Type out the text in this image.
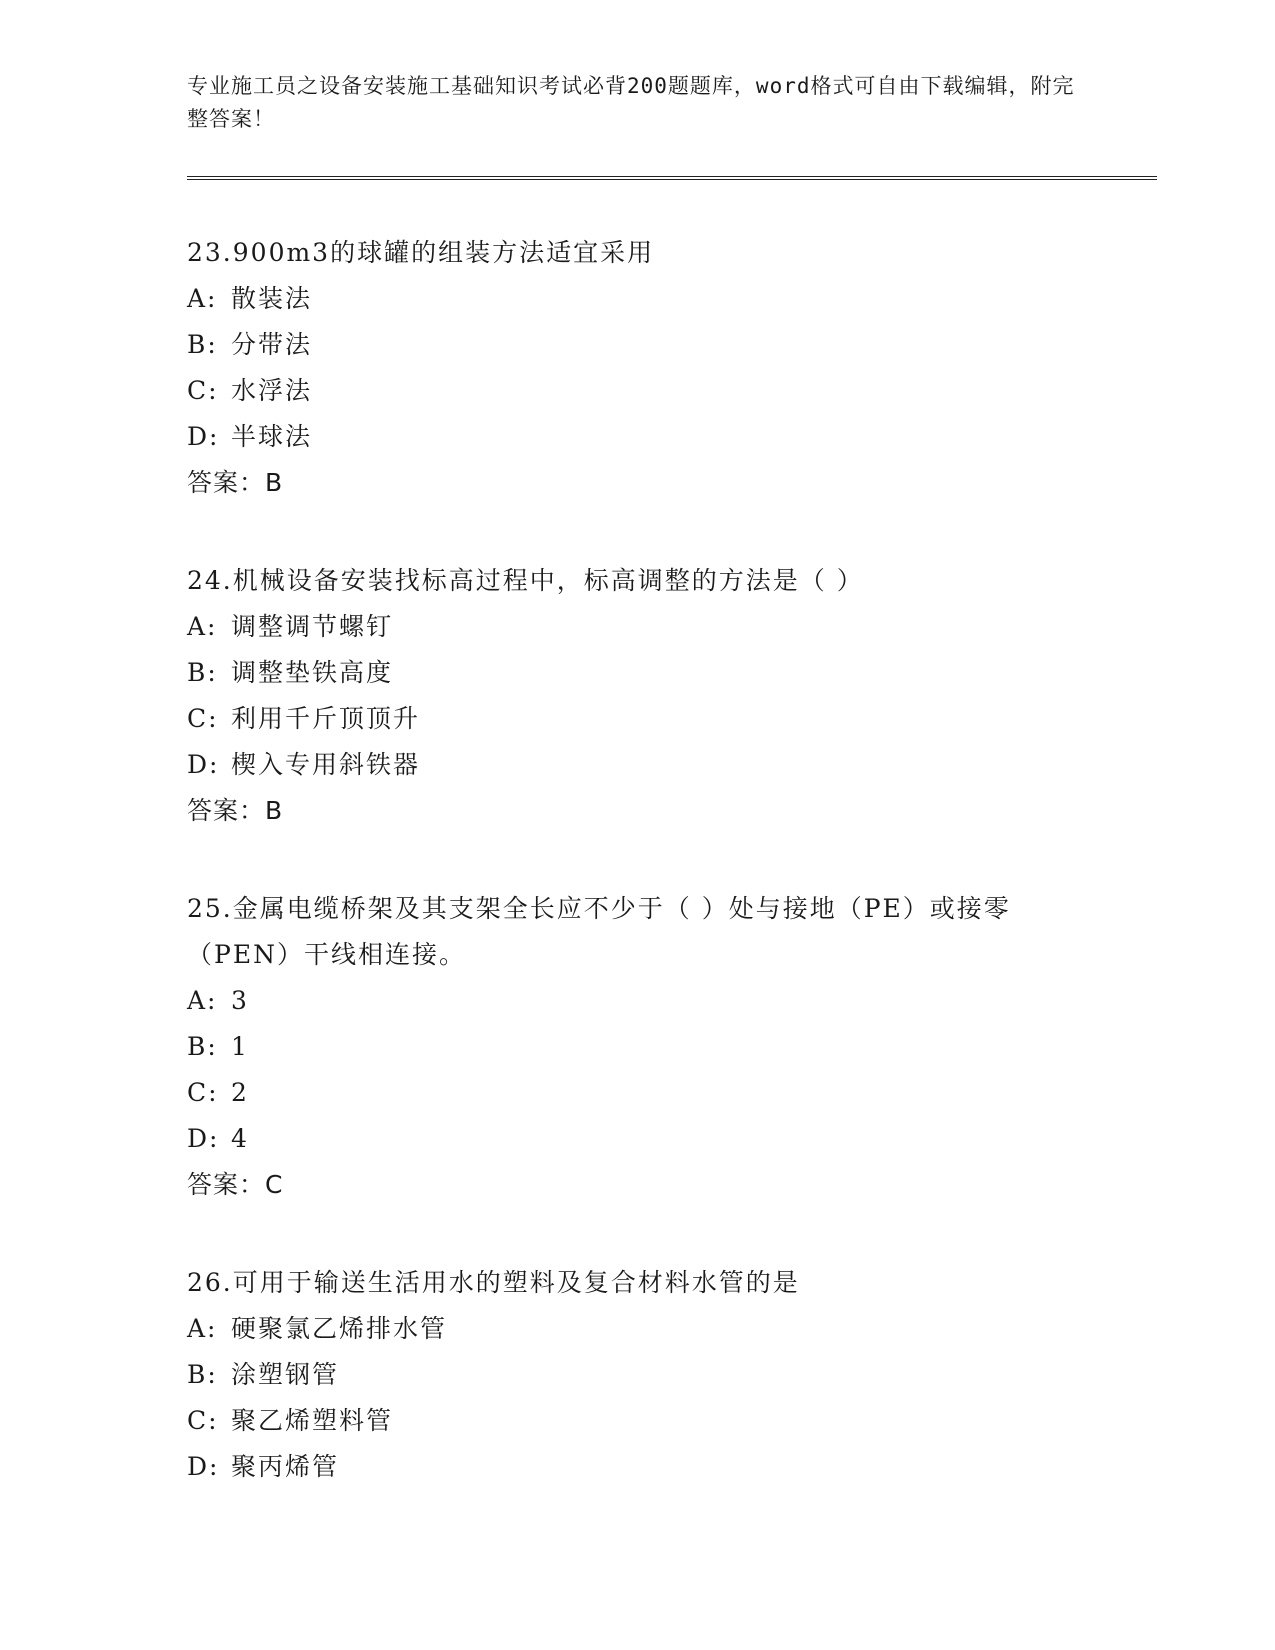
专业施工员之设备安装施工基础知识考试必背200题题库，word格式可自由下载编辑，附完整答案！

23.900m3的球罐的组装方法适宜采用

A: 散装法
B: 分带法
C: 水浮法
D: 半球法
答案：B

24.机械设备安装找标高过程中，标高调整的方法是（ ）

A: 调整调节螺钉
B: 调整垫铁高度
C: 利用千斤顶顶升
D: 楔入专用斜铁器
答案：B

25.金属电缆桥架及其支架全长应不少于（ ）处与接地（PE）或接零（PEN）干线相连接。

A: 3
B: 1
C: 2
D: 4
答案：C

26.可用于输送生活用水的塑料及复合材料水管的是

A: 硬聚氯乙烯排水管
B: 涂塑钢管
C: 聚乙烯塑料管
D: 聚丙烯管
